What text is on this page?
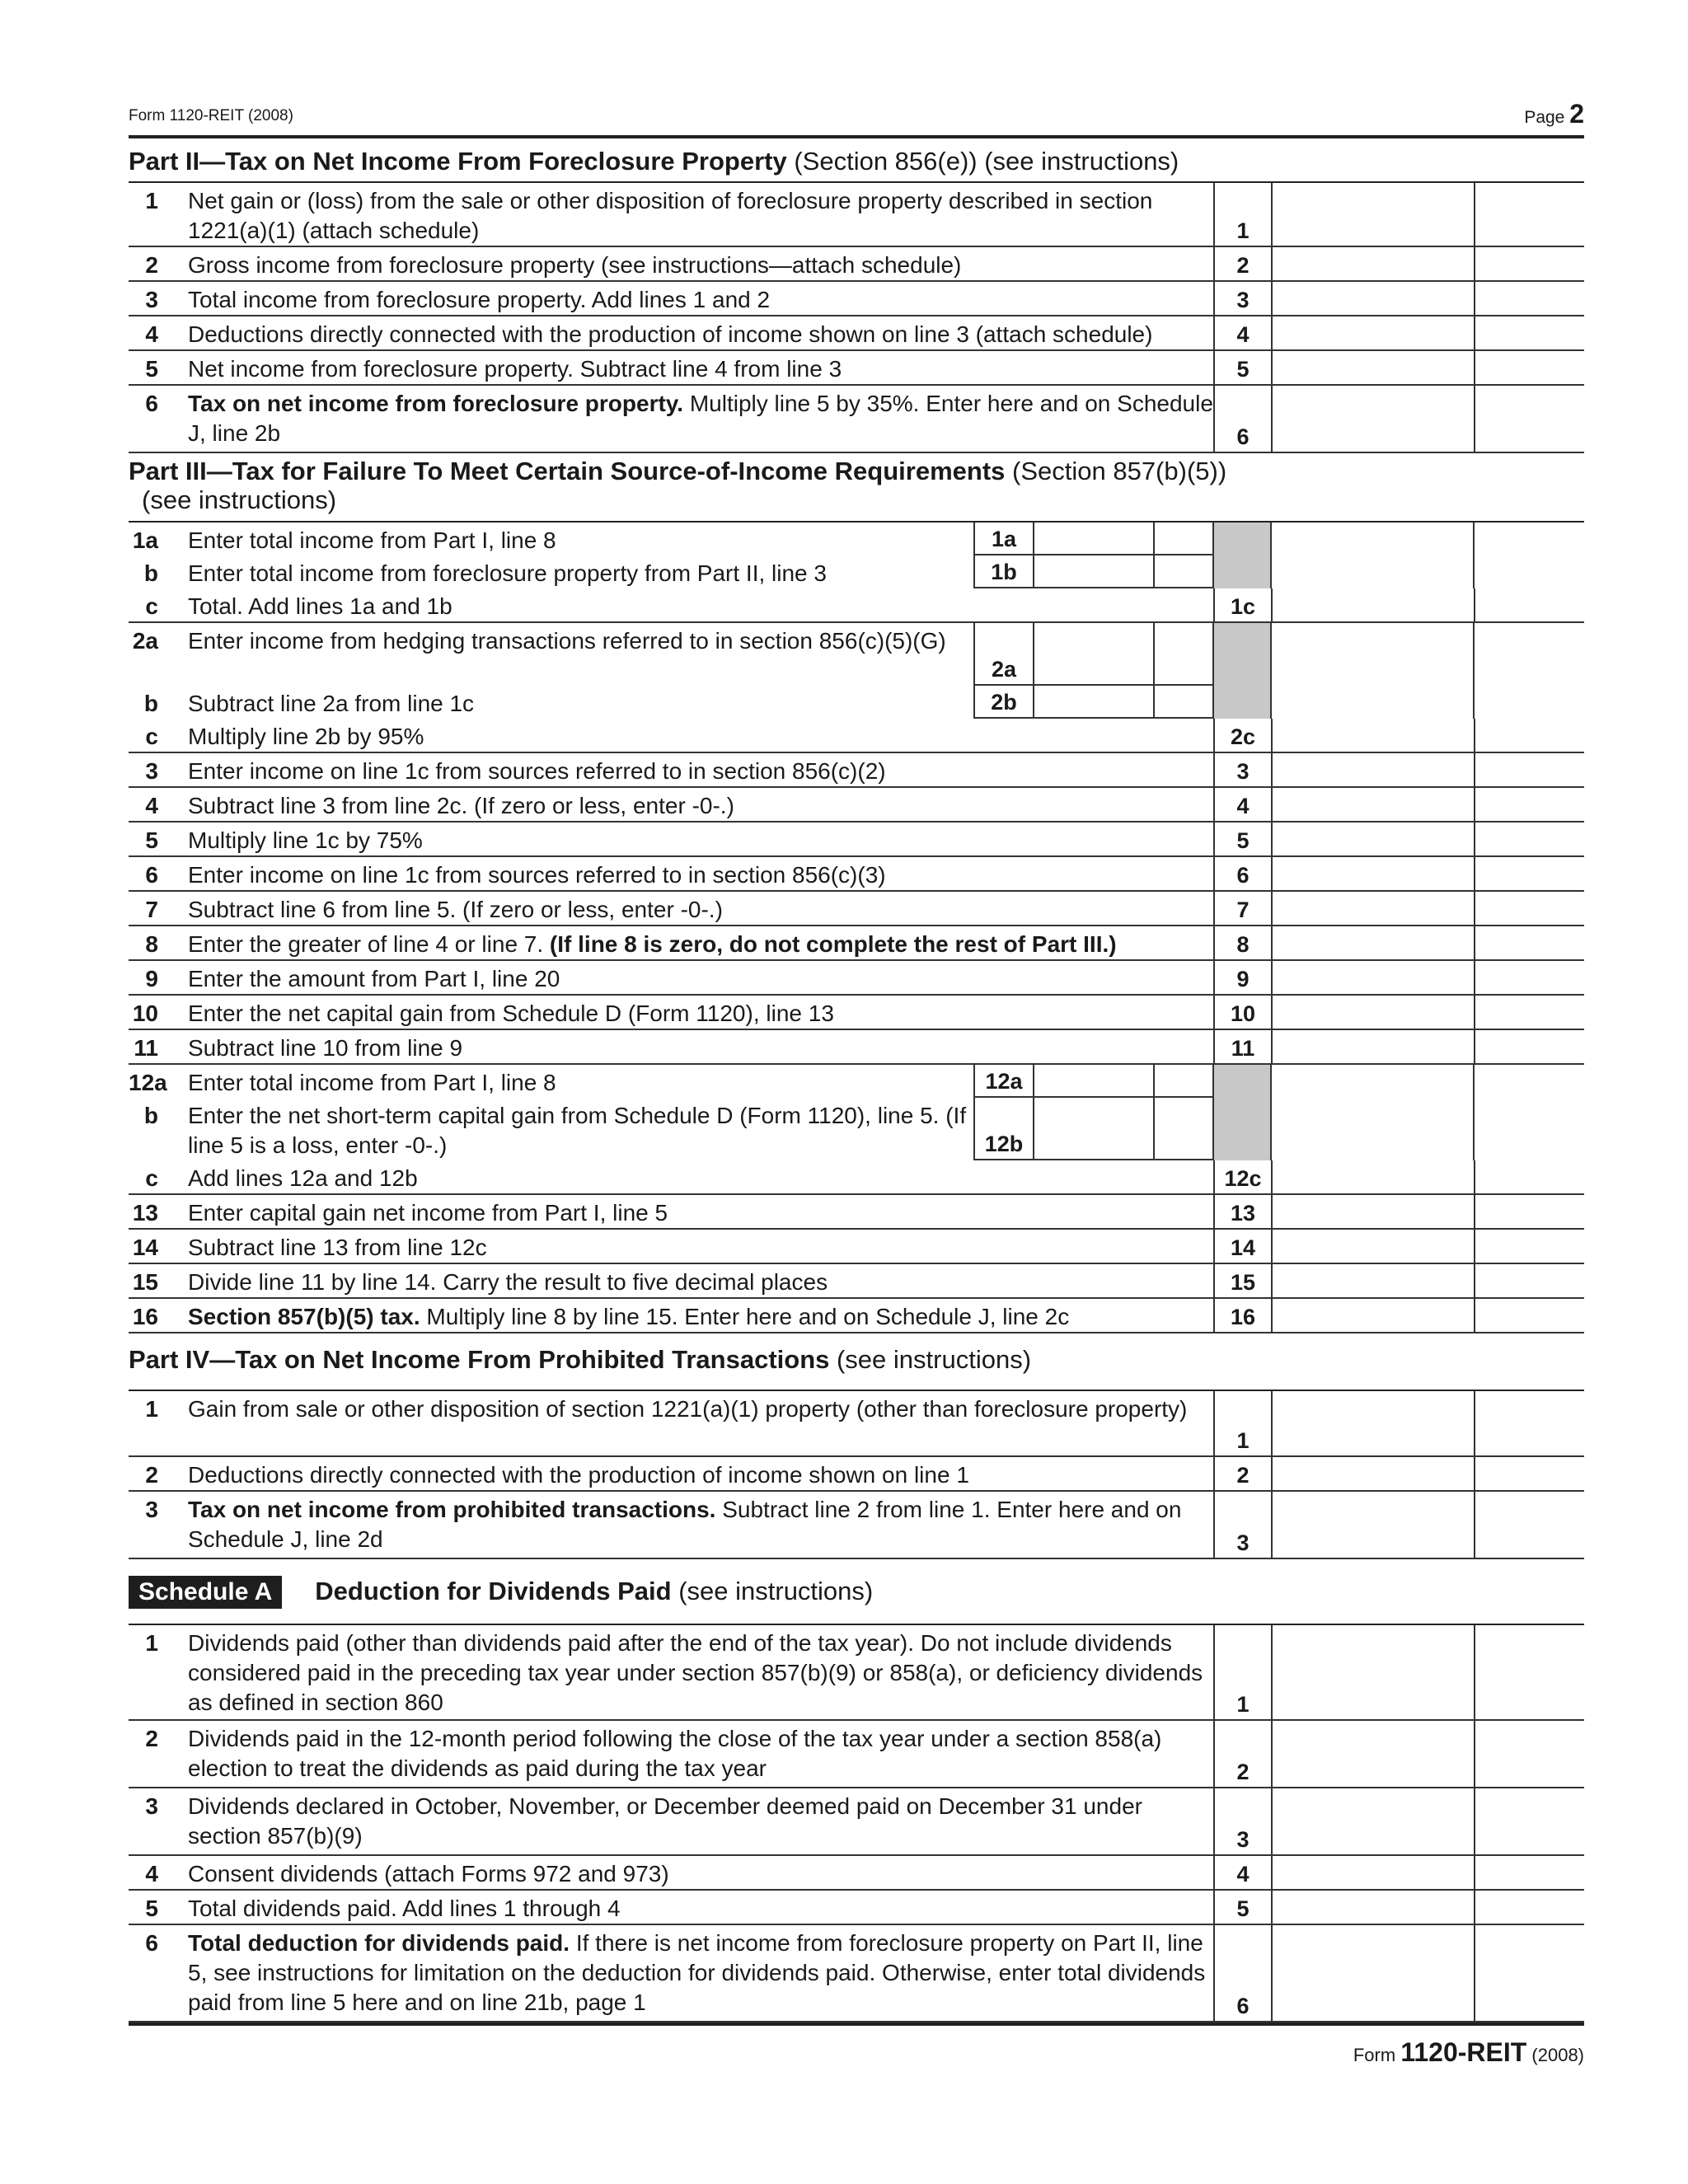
Form 1120-REIT (2008)	Page 2
Part II—Tax on Net Income From Foreclosure Property (Section 856(e)) (see instructions)
1	Net gain or (loss) from the sale or other disposition of foreclosure property described in section 1221(a)(1) (attach schedule)	1
2	Gross income from foreclosure property (see instructions—attach schedule)	2
3	Total income from foreclosure property. Add lines 1 and 2	3
4	Deductions directly connected with the production of income shown on line 3 (attach schedule)	4
5	Net income from foreclosure property. Subtract line 4 from line 3	5
6	Tax on net income from foreclosure property. Multiply line 5 by 35%. Enter here and on Schedule J, line 2b	6
Part III—Tax for Failure To Meet Certain Source-of-Income Requirements (Section 857(b)(5))
(see instructions)
1a	Enter total income from Part I, line 8	1a
b	Enter total income from foreclosure property from Part II, line 3	1b
c	Total. Add lines 1a and 1b	1c
2a	Enter income from hedging transactions referred to in section 856(c)(5)(G)
2a
b	Subtract line 2a from line 1c	2b
c	Multiply line 2b by 95%	2c
3	Enter income on line 1c from sources referred to in section 856(c)(2)	3
4	Subtract line 3 from line 2c. (If zero or less, enter -0-.)	4
5	Multiply line 1c by 75%	5
6	Enter income on line 1c from sources referred to in section 856(c)(3)	6
7	Subtract line 6 from line 5. (If zero or less, enter -0-.)	7
8	Enter the greater of line 4 or line 7. (If line 8 is zero, do not complete the rest of Part III.)	8
9	Enter the amount from Part I, line 20	9
10	Enter the net capital gain from Schedule D (Form 1120), line 13	10
11	Subtract line 10 from line 9	11
12a Enter total income from Part I, line 8	12a
b	Enter the net short-term capital gain from Schedule D (Form 1120), line 5. (If line 5 is a loss, enter -0-.)	12b
c	Add lines 12a and 12b	12c
13	Enter capital gain net income from Part I, line 5	13
14	Subtract line 13 from line 12c	14
15	Divide line 11 by line 14. Carry the result to five decimal places	15
16	Section 857(b)(5) tax. Multiply line 8 by line 15. Enter here and on Schedule J, line 2c	16
Part IV—Tax on Net Income From Prohibited Transactions (see instructions)
1	Gain from sale or other disposition of section 1221(a)(1) property (other than foreclosure property)
1
2	Deductions directly connected with the production of income shown on line 1	2
3	Tax on net income from prohibited transactions. Subtract line 2 from line 1. Enter here and on Schedule J, line 2d	3
Schedule A Deduction for Dividends Paid (see instructions)
1	Dividends paid (other than dividends paid after the end of the tax year). Do not include dividends considered paid in the preceding tax year under section 857(b)(9) or 858(a), or deficiency dividends as defined in section 860	1
2	Dividends paid in the 12-month period following the close of the tax year under a section 858(a) election to treat the dividends as paid during the tax year	2
3	Dividends declared in October, November, or December deemed paid on December 31 under section 857(b)(9)	3
4	Consent dividends (attach Forms 972 and 973)	4
5	Total dividends paid. Add lines 1 through 4	5
6	Total deduction for dividends paid. If there is net income from foreclosure property on Part II, line 5, see instructions for limitation on the deduction for dividends paid. Otherwise, enter total dividends paid from line 5 here and on line 21b, page 1	6
Form 1120-REIT (2008)
